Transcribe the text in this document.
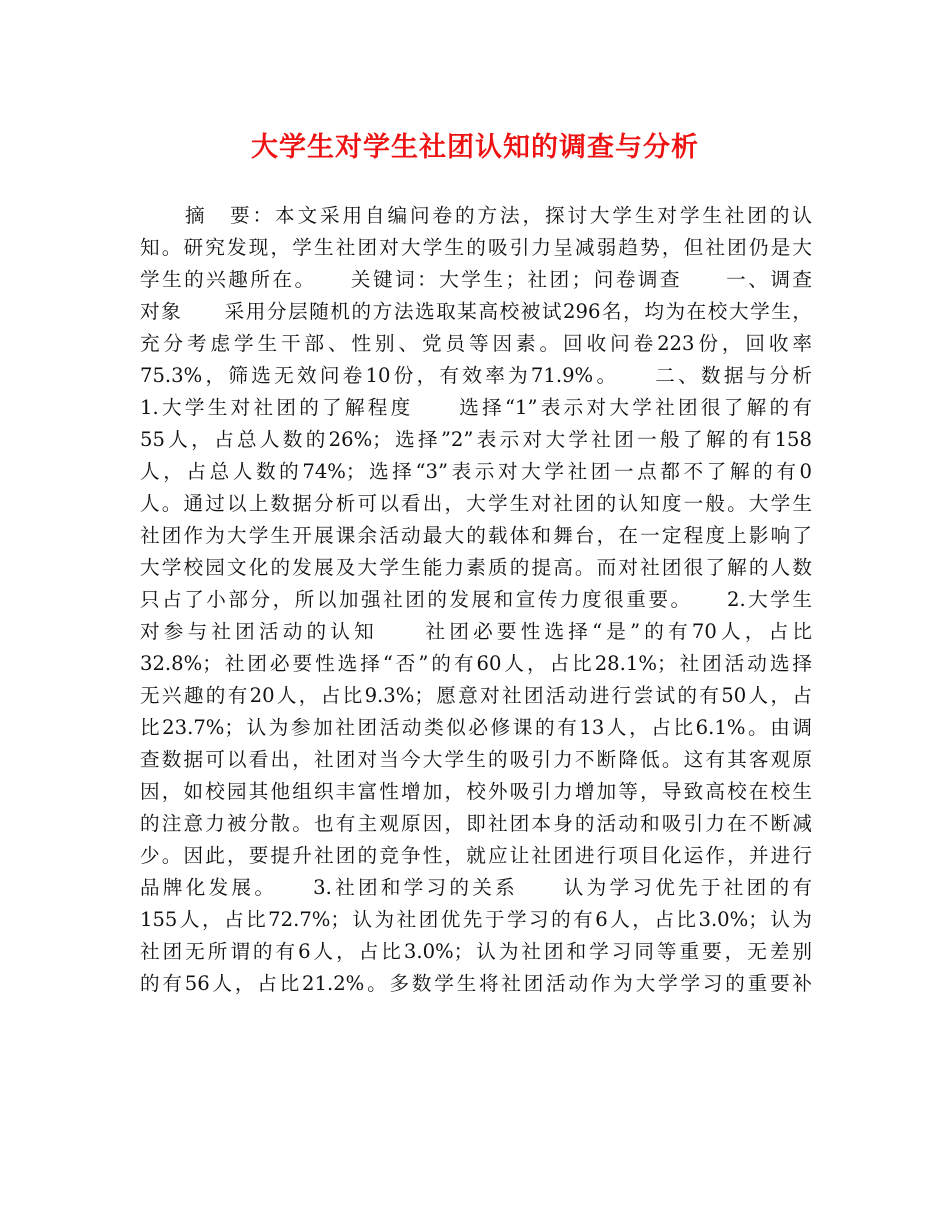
大学生对学生社团认知的调查与分析
　　摘　要：本文采用自编问卷的方法，探讨大学生对学生社团的认
知。研究发现，学生社团对大学生的吸引力呈减弱趋势，但社团仍是大
学生的兴趣所在。　　关键词：大学生；社团；问卷调查　　一、调查
对象　　采用分层随机的方法选取某高校被试296名，均为在校大学生，
充分考虑学生干部、性别、党员等因素。回收问卷223份，回收率
75.3%，筛选无效问卷10份，有效率为71.9%。　　二、数据与分析
1.大学生对社团的了解程度　　选择“1”表示对大学社团很了解的有
55人，占总人数的26%；选择”2”表示对大学社团一般了解的有158
人，占总人数的74%；选择“3”表示对大学社团一点都不了解的有0
人。通过以上数据分析可以看出，大学生对社团的认知度一般。大学生
社团作为大学生开展课余活动最大的载体和舞台，在一定程度上影响了
大学校园文化的发展及大学生能力素质的提高。而对社团很了解的人数
只占了小部分，所以加强社团的发展和宣传力度很重要。　　2.大学生
对参与社团活动的认知　　社团必要性选择“是”的有70人，占比
32.8%；社团必要性选择“否”的有60人，占比28.1%；社团活动选择
无兴趣的有20人，占比9.3%；愿意对社团活动进行尝试的有50人，占
比23.7%；认为参加社团活动类似必修课的有13人，占比6.1%。由调
查数据可以看出，社团对当今大学生的吸引力不断降低。这有其客观原
因，如校园其他组织丰富性增加，校外吸引力增加等，导致高校在校生
的注意力被分散。也有主观原因，即社团本身的活动和吸引力在不断减
少。因此，要提升社团的竞争性，就应让社团进行项目化运作，并进行
品牌化发展。　　3.社团和学习的关系　　认为学习优先于社团的有
155人，占比72.7%；认为社团优先于学习的有6人，占比3.0%；认为
社团无所谓的有6人，占比3.0%；认为社团和学习同等重要，无差别
的有56人，占比21.2%。多数学生将社团活动作为大学学习的重要补
